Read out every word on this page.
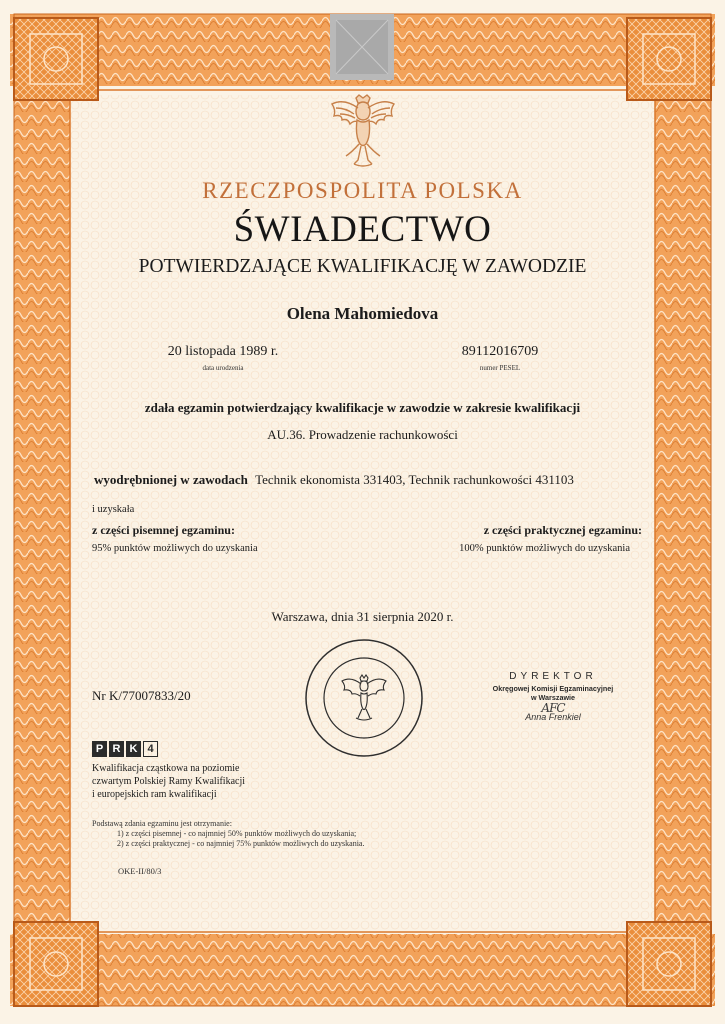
RZECZPOSPOLITA POLSKA
ŚWIADECTWO
POTWIERDZAJĄCE KWALIFIKACJĘ W ZAWODZIE
Olena Mahomiedova
20 listopada 1989 r.
data urodzenia
89112016709
numer PESEL
zdała egzamin potwierdzający kwalifikacje w zawodzie w zakresie kwalifikacji
AU.36. Prowadzenie rachunkowości
wyodrębnionej w zawodach Technik ekonomista 331403, Technik rachunkowości 431103
i uzyskała
z części pisemnej egzaminu:
95% punktów możliwych do uzyskania
z części praktycznej egzaminu:
100% punktów możliwych do uzyskania
Warszawa, dnia 31 sierpnia 2020 r.
Nr K/77007833/20
DYREKTOR
Okręgowej Komisji Egzaminacyjnej
w Warszawie
AFC
Anna Frenkiel
P R K 4
Kwalifikacja cząstkowa na poziomie
czwartym Polskiej Ramy Kwalifikacji
i europejskich ram kwalifikacji
Podstawą zdania egzaminu jest otrzymanie:
1) z części pisemnej - co najmniej 50% punktów możliwych do uzyskania;
2) z części praktycznej - co najmniej 75% punktów możliwych do uzyskania.
OKE-II/80/3
